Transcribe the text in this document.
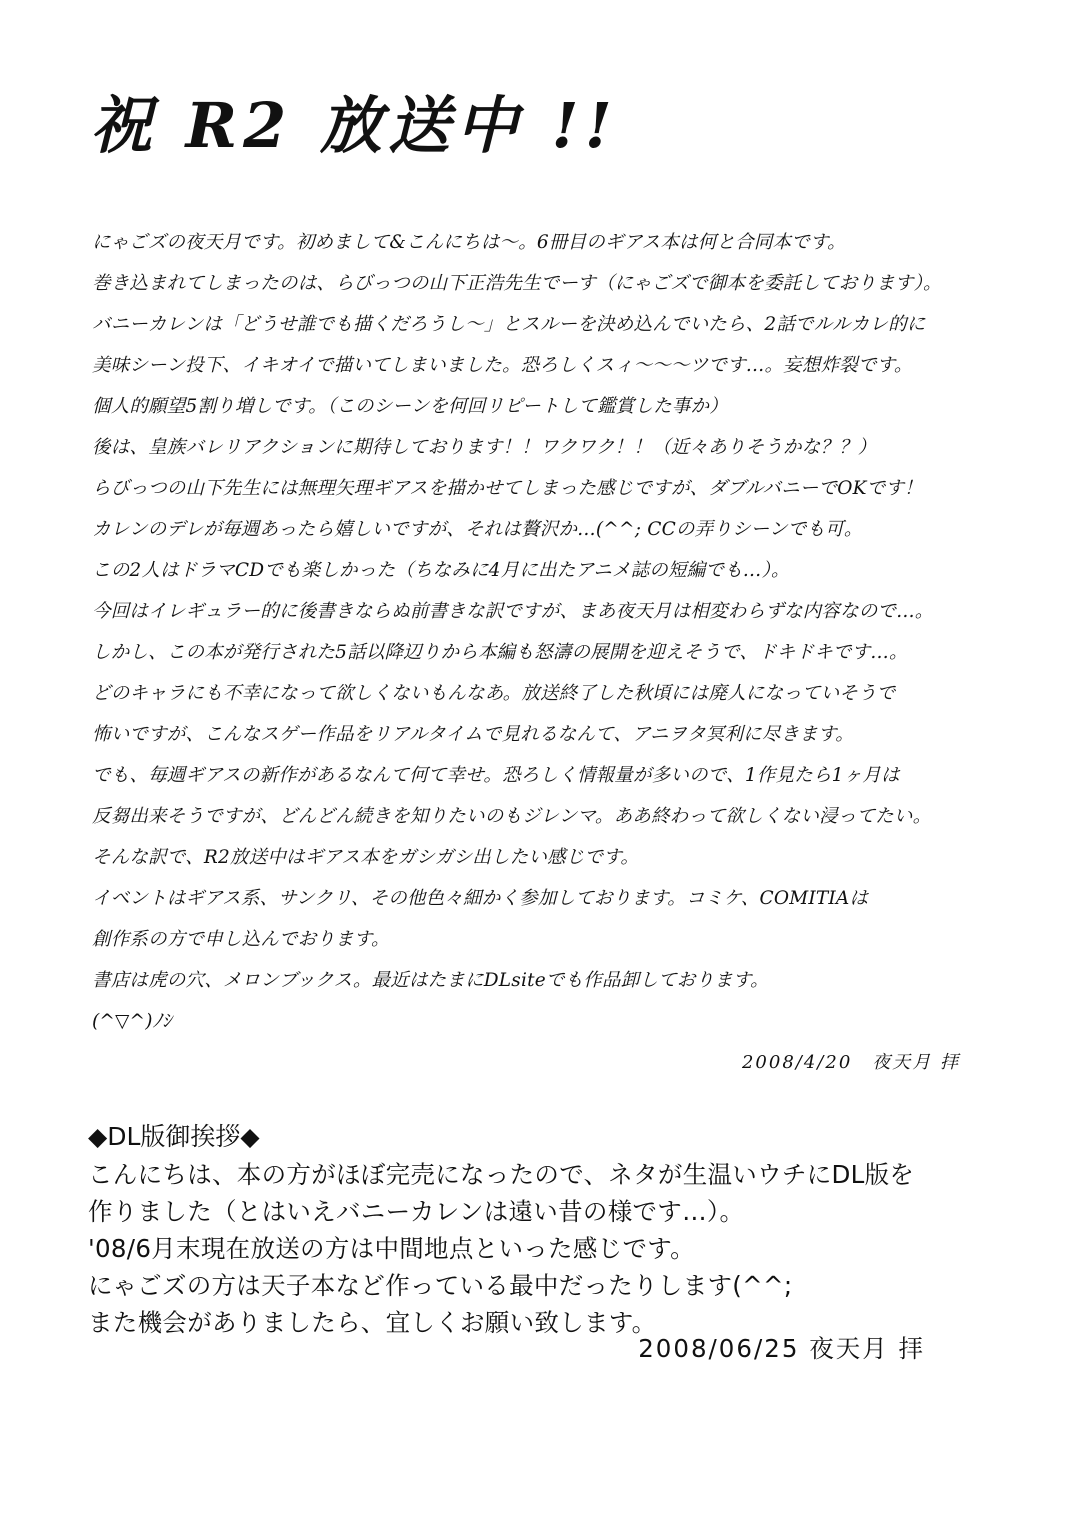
祝 R2 放送中 !!
にゃごズの夜天月です。初めまして&こんにちは〜。6冊目のギアス本は何と合同本です。
巻き込まれてしまったのは、らびっつの山下正浩先生でーす（にゃごズで御本を委託しております）。
バニーカレンは「どうせ誰でも描くだろうし〜」とスルーを決め込んでいたら、2話でルルカレ的に
美味シーン投下、イキオイで描いてしまいました。恐ろしくスィ〜〜〜ツです…。妄想炸裂です。
個人的願望5割り増しです。（このシーンを何回リピートして鑑賞した事か）
後は、皇族バレリアクションに期待しております！！ワクワク！！（近々ありそうかな？？）
らびっつの山下先生には無理矢理ギアスを描かせてしまった感じですが、ダブルバニーでOKです！
カレンのデレが毎週あったら嬉しいですが、それは贅沢か…(^^; CCの弄りシーンでも可。
この2人はドラマCDでも楽しかった（ちなみに4月に出たアニメ誌の短編でも…）。
今回はイレギュラー的に後書きならぬ前書きな訳ですが、まあ夜天月は相変わらずな内容なので…。
しかし、この本が発行された5話以降辺りから本編も怒濤の展開を迎えそうで、ドキドキです…。
どのキャラにも不幸になって欲しくないもんなあ。放送終了した秋頃には廃人になっていそうで
怖いですが、こんなスゲー作品をリアルタイムで見れるなんて、アニヲタ冥利に尽きます。
でも、毎週ギアスの新作があるなんて何て幸せ。恐ろしく情報量が多いので、1作見たら1ヶ月は
反芻出来そうですが、どんどん続きを知りたいのもジレンマ。ああ終わって欲しくない浸ってたい。
そんな訳で、R2放送中はギアス本をガシガシ出したい感じです。
イベントはギアス系、サンクリ、その他色々細かく参加しております。コミケ、COMITIAは
創作系の方で申し込んでおります。
書店は虎の穴、メロンブックス。最近はたまにDLsiteでも作品卸しております。
(^▽^)ﾉｼ
2008/4/20　夜天月 拝
◆DL版御挨拶◆
こんにちは、本の方がほぼ完売になったので、ネタが生温いウチにDL版を
作りました（とはいえバニーカレンは遠い昔の様です…）。
'08/6月末現在放送の方は中間地点といった感じです。
にゃごズの方は天子本など作っている最中だったりします(^^;
また機会がありましたら、宜しくお願い致します。
2008/06/25 夜天月 拝
